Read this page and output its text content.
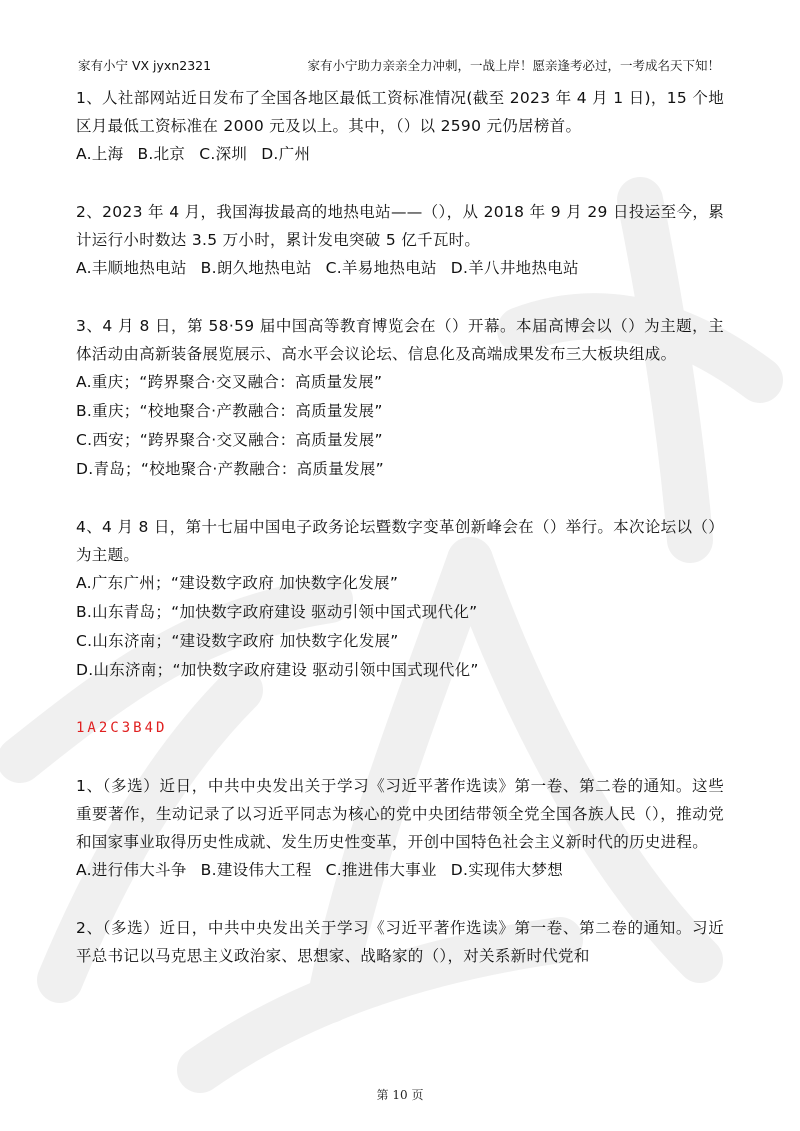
家有小宁 VX jyxn2321	家有小宁助力亲亲全力冲刺，一战上岸！愿亲逢考必过，一考成名天下知！
1、人社部网站近日发布了全国各地区最低工资标准情况(截至 2023 年 4 月 1 日)，15 个地区月最低工资标准在 2000 元及以上。其中，（）以 2590 元仍居榜首。
A.上海 B.北京 C.深圳 D.广州
2、2023 年 4 月，我国海拔最高的地热电站——（），从 2018 年 9 月 29 日投运至今，累计运行小时数达 3.5 万小时，累计发电突破 5 亿千瓦时。
A.丰顺地热电站 B.朗久地热电站 C.羊易地热电站 D.羊八井地热电站
3、4 月 8 日，第 58·59 届中国高等教育博览会在（）开幕。本届高博会以（）为主题，主体活动由高新装备展览展示、高水平会议论坛、信息化及高端成果发布三大板块组成。
A.重庆；“跨界聚合·交叉融合：高质量发展”
B.重庆；“校地聚合·产教融合：高质量发展”
C.西安；“跨界聚合·交叉融合：高质量发展”
D.青岛；“校地聚合·产教融合：高质量发展”
4、4 月 8 日，第十七届中国电子政务论坛暨数字变革创新峰会在（）举行。本次论坛以（）为主题。
A.广东广州；“建设数字政府 加快数字化发展”
B.山东青岛；“加快数字政府建设 驱动引领中国式现代化”
C.山东济南；“建设数字政府 加快数字化发展”
D.山东济南；“加快数字政府建设 驱动引领中国式现代化”
1A2C3B4D
1、（多选）近日，中共中央发出关于学习《习近平著作选读》第一卷、第二卷的通知。这些重要著作，生动记录了以习近平同志为核心的党中央团结带领全党全国各族人民（），推动党和国家事业取得历史性成就、发生历史性变革，开创中国特色社会主义新时代的历史进程。
A.进行伟大斗争 B.建设伟大工程 C.推进伟大事业 D.实现伟大梦想
2、（多选）近日，中共中央发出关于学习《习近平著作选读》第一卷、第二卷的通知。习近平总书记以马克思主义政治家、思想家、战略家的（），对关系新时代党和
第 10 页
